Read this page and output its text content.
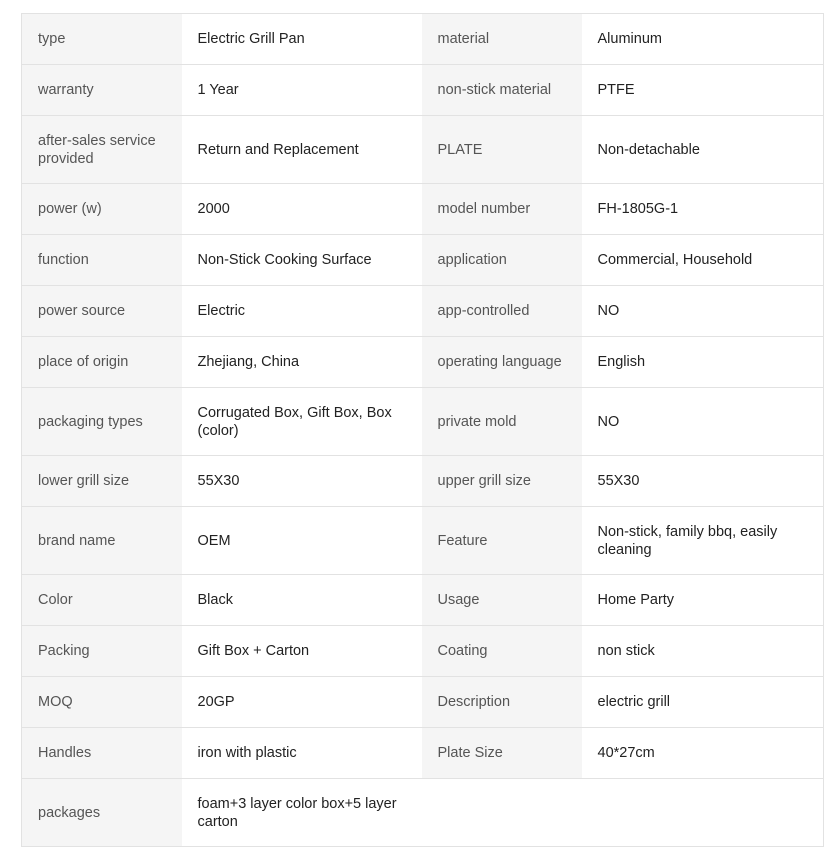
type	Electric Grill Pan	material	Aluminum
warranty	1 Year	non-stick material	PTFE
after-sales service provided	Return and Replacement	PLATE	Non-detachable
power (w)	2000	model number	FH-1805G-1
function	Non-Stick Cooking Surface	application	Commercial, Household
power source	Electric	app-controlled	NO
place of origin	Zhejiang, China	operating language	English
packaging types	Corrugated Box, Gift Box, Box (color)	private mold	NO
lower grill size	55X30	upper grill size	55X30
brand name	OEM	Feature	Non-stick, family bbq, easily cleaning
Color	Black	Usage	Home Party
Packing	Gift Box + Carton	Coating	non stick
MOQ	20GP	Description	electric grill
Handles	iron with plastic	Plate Size	40*27cm
packages	foam+3 layer color box+5 layer carton		
